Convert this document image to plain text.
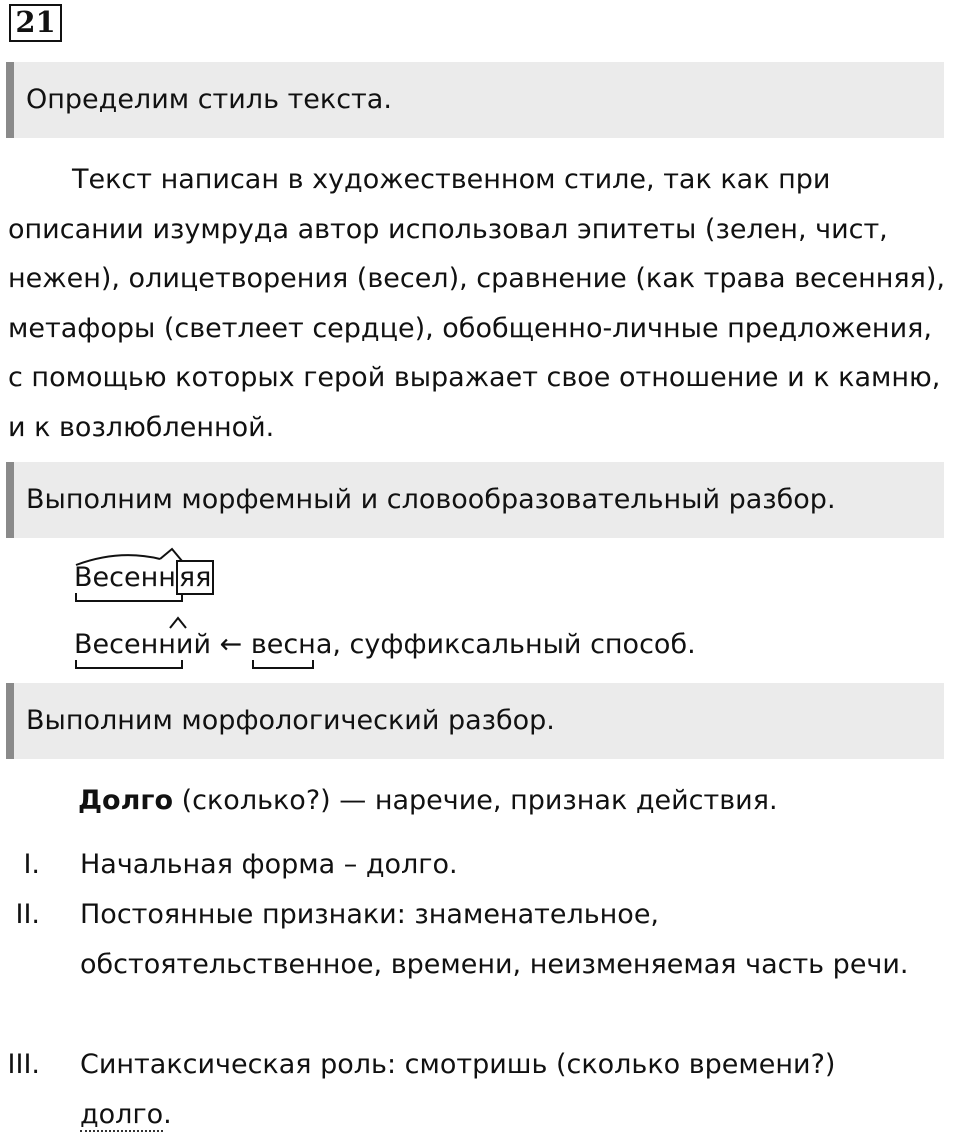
21
Определим стиль текста.

Текст написан в художественном стиле, так как при описании изумруда автор использовал эпитеты (зелен, чист, нежен), олицетворения (весел), сравнение (как трава весенняя), метафоры (светлеет сердце), обобщенно-личные предложения, с помощью которых герой выражает свое отношение и к камню, и к возлюбленной.

Выполним морфемный и словообразовательный разбор.
Весенн яя
Весенний ← весна
, суффиксальный способ.
Выполним морфологический разбор.
Долго (сколько?) — наречие, признак действия.
I. Начальная форма – долго.
II. Постоянные признаки: знаменательное, обстоятельственное, времени, неизменяемая часть речи.
III. Синтаксическая роль: смотришь (сколько времени?) долго.
